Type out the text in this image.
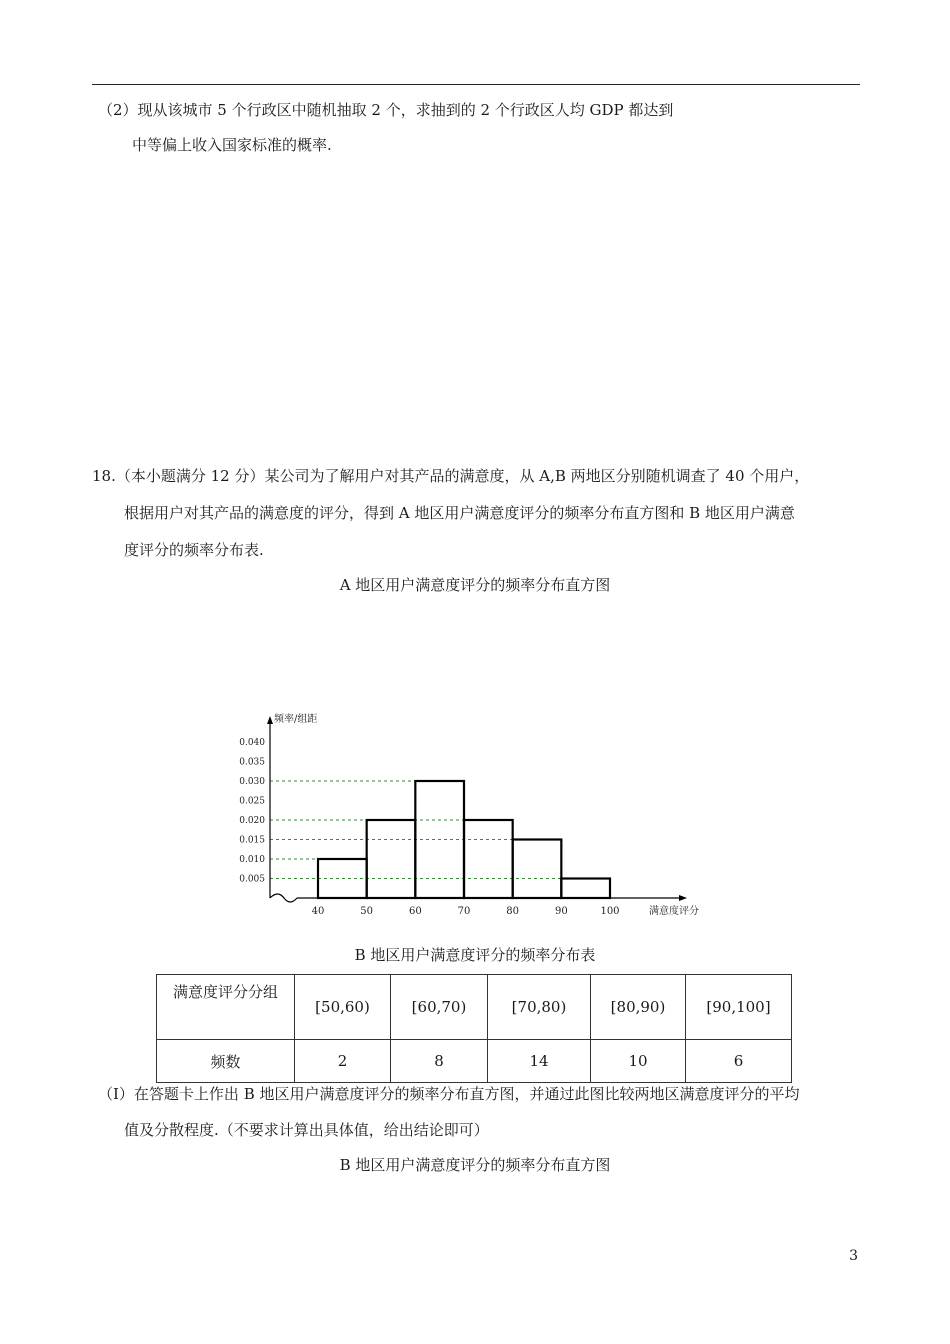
（2）现从该城市 5 个行政区中随机抽取 2 个，求抽到的 2 个行政区人均 GDP 都达到
中等偏上收入国家标准的概率.
18.（本小题满分 12 分）某公司为了解用户对其产品的满意度，从 A,B 两地区分别随机调查了 40 个用户，
根据用户对其产品的满意度的评分，得到 A 地区用户满意度评分的频率分布直方图和 B 地区用户满意
度评分的频率分布表.
A 地区用户满意度评分的频率分布直方图
0.005
0.010
0.015
0.020
0.025
0.030
0.035
0.040
40	50	60	70	80	90	100
频率/组距
满意度评分
B 地区用户满意度评分的频率分布表
满意度评分分组	[50,60)	[60,70)	[70,80)	[80,90)	[90,100]
频数	2	8	14	10	6
（I）在答题卡上作出 B 地区用户满意度评分的频率分布直方图，并通过此图比较两地区满意度评分的平均
值及分散程度.（不要求计算出具体值，给出结论即可）
B 地区用户满意度评分的频率分布直方图
3
